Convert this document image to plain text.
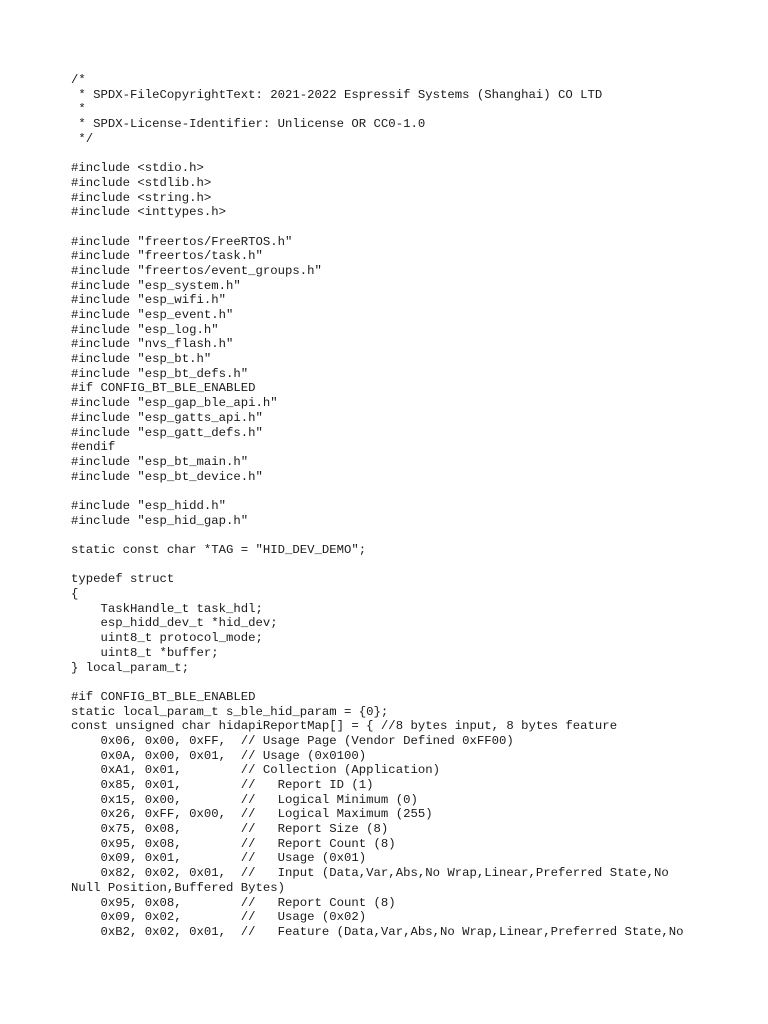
/*
* SPDX-FileCopyrightText: 2021-2022 Espressif Systems (Shanghai) CO LTD
*
* SPDX-License-Identifier: Unlicense OR CC0-1.0
*/
#include <stdio.h>
#include <stdlib.h>
#include <string.h>
#include <inttypes.h>
#include "freertos/FreeRTOS.h"
#include "freertos/task.h"
#include "freertos/event_groups.h"
#include "esp_system.h"
#include "esp_wifi.h"
#include "esp_event.h"
#include "esp_log.h"
#include "nvs_flash.h"
#include "esp_bt.h"
#include "esp_bt_defs.h"
#if CONFIG_BT_BLE_ENABLED
#include "esp_gap_ble_api.h"
#include "esp_gatts_api.h"
#include "esp_gatt_defs.h"
#endif
#include "esp_bt_main.h"
#include "esp_bt_device.h"
#include "esp_hidd.h"
#include "esp_hid_gap.h"
static const char *TAG = "HID_DEV_DEMO";
typedef struct
{
TaskHandle_t task_hdl;
esp_hidd_dev_t *hid_dev;
uint8_t protocol_mode;
uint8_t *buffer;
} local_param_t;
#if CONFIG_BT_BLE_ENABLED
static local_param_t s_ble_hid_param = {0};
const unsigned char hidapiReportMap[] = { //8 bytes input, 8 bytes feature
0x06, 0x00, 0xFF,  // Usage Page (Vendor Defined 0xFF00)
0x0A, 0x00, 0x01,  // Usage (0x0100)
0xA1, 0x01,        // Collection (Application)
0x85, 0x01,        //   Report ID (1)
0x15, 0x00,        //   Logical Minimum (0)
0x26, 0xFF, 0x00,  //   Logical Maximum (255)
0x75, 0x08,        //   Report Size (8)
0x95, 0x08,        //   Report Count (8)
0x09, 0x01,        //   Usage (0x01)
0x82, 0x02, 0x01,  //   Input (Data,Var,Abs,No Wrap,Linear,Preferred State,No
Null Position,Buffered Bytes)
0x95, 0x08,        //   Report Count (8)
0x09, 0x02,        //   Usage (0x02)
0xB2, 0x02, 0x01,  //   Feature (Data,Var,Abs,No Wrap,Linear,Preferred State,No
